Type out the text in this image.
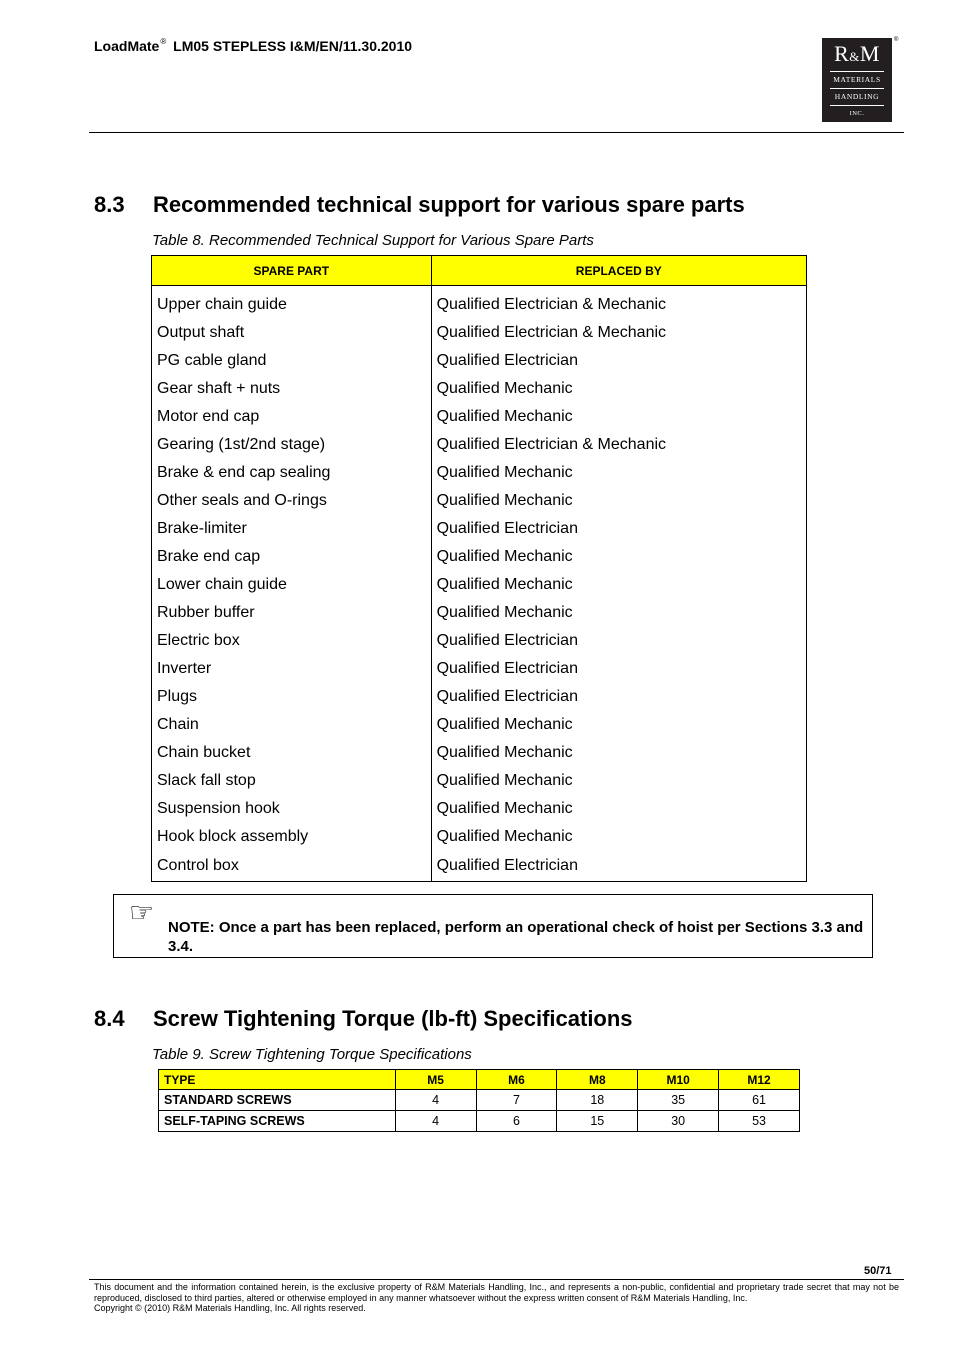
LoadMate® LM05 STEPLESS I&M/EN/11.30.2010	R&M
MATERIALS
HANDLING
INC.
®
8.3 Recommended technical support for various spare parts
Table 8. Recommended Technical Support for Various Spare Parts
SPARE PART	REPLACED BY
Upper chain guide	Qualified Electrician & Mechanic
Output shaft	Qualified Electrician & Mechanic
PG cable gland	Qualified Electrician
Gear shaft + nuts	Qualified Mechanic
Motor end cap	Qualified Mechanic
Gearing (1st/2nd stage)	Qualified Electrician & Mechanic
Brake & end cap sealing	Qualified Mechanic
Other seals and O-rings	Qualified Mechanic
Brake-limiter	Qualified Electrician
Brake end cap	Qualified Mechanic
Lower chain guide	Qualified Mechanic
Rubber buffer	Qualified Mechanic
Electric box	Qualified Electrician
Inverter	Qualified Electrician
Plugs	Qualified Electrician
Chain	Qualified Mechanic
Chain bucket	Qualified Mechanic
Slack fall stop	Qualified Mechanic
Suspension hook	Qualified Mechanic
Hook block assembly	Qualified Mechanic
Control box	Qualified Electrician
☞ NOTE: Once a part has been replaced, perform an operational check of hoist per Sections 3.3 and 3.4.
8.4 Screw Tightening Torque (lb-ft) Specifications
Table 9. Screw Tightening Torque Specifications
TYPE	M5	M6	M8	M10	M12
STANDARD SCREWS	4	7	18	35	61
SELF-TAPING SCREWS	4	6	15	30	53
50/71
This document and the information contained herein, is the exclusive property of R&M Materials Handling, Inc., and represents a non-public, confidential and proprietary trade secret that may not be reproduced, disclosed to third parties, altered or otherwise employed in any manner whatsoever without the express written consent of R&M Materials Handling, Inc.
Copyright © (2010) R&M Materials Handling, Inc. All rights reserved.
